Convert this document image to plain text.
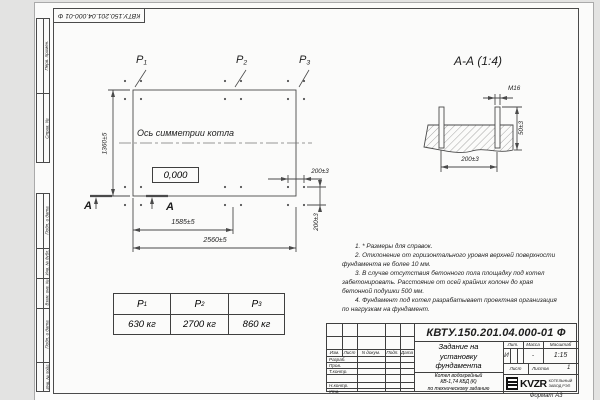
КВТУ.150.201.04.000-01 Ф
Перв. примен.
Справ. №
Подп. и дата
Инв. № дубл.
Взам. инв. №
Подп. и дата
Инв. № подл.
P1	P2	P3
Ось симметрии котла
0,000
1360±5
1585±5
2560±5
200±3
200±3
А	А
А-А (1:4)
М16
50±3
200±3

1. * Размеры для справок.

2. Отклонение от горизонтального уровня верхней поверхности фундамента не более 10 мм.

3. В случае отсутствия бетонного пола площадку под котел забетонировать. Расстояние от осей крайних колонн до края бетонной подушки 500 мм.

4. Фундамент под котел разрабатывает проектная организация по нагрузкам на фундамент.

P 1	P 2	P 3
630 кг	2700 кг	860 кг
Изм. Лист	N докум.	Подп. Дата
Разраб.
Пров.
Т.контр.
Н.контр.
Утв.
КВТУ.150.201.04.000-01 Ф
Задание на
установку
фундамента
Котел водогрейный
КВ-1,74 КБД (К)
по техническому заданию
Лит.	Масса	Масштаб
И	-	1:15
Лист	Листов	1
KVZR КОТЕЛЬНЫЙ
ЗАВОД РЭП
Формат А3
